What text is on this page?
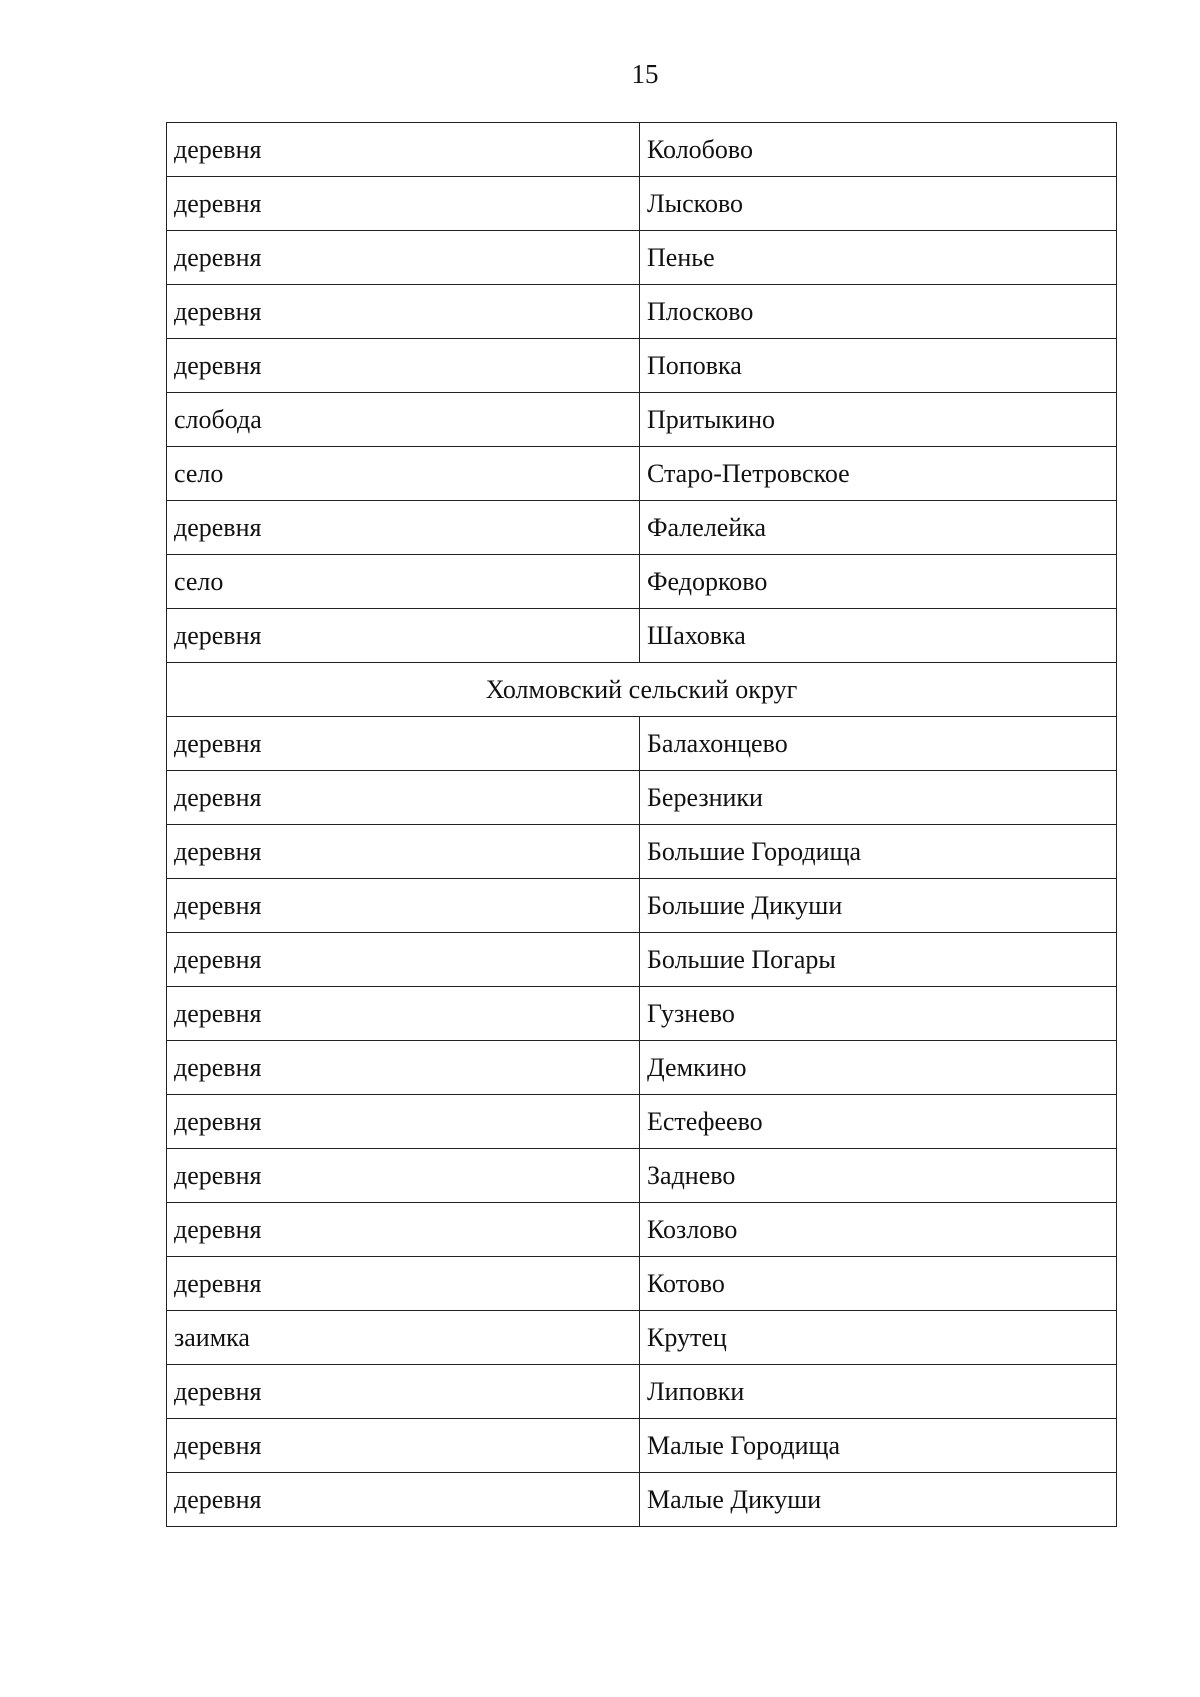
15
деревня	Колобово
деревня	Лысково
деревня	Пенье
деревня	Плосково
деревня	Поповка
слобода	Притыкино
село	Старо-Петровское
деревня	Фалелейка
село	Федорково
деревня	Шаховка
Холмовский сельский округ	
деревня	Балахонцево
деревня	Березники
деревня	Большие Городища
деревня	Большие Дикуши
деревня	Большие Погары
деревня	Гузнево
деревня	Демкино
деревня	Естефеево
деревня	Заднево
деревня	Козлово
деревня	Котово
заимка	Крутец
деревня	Липовки
деревня	Малые Городища
деревня	Малые Дикуши
